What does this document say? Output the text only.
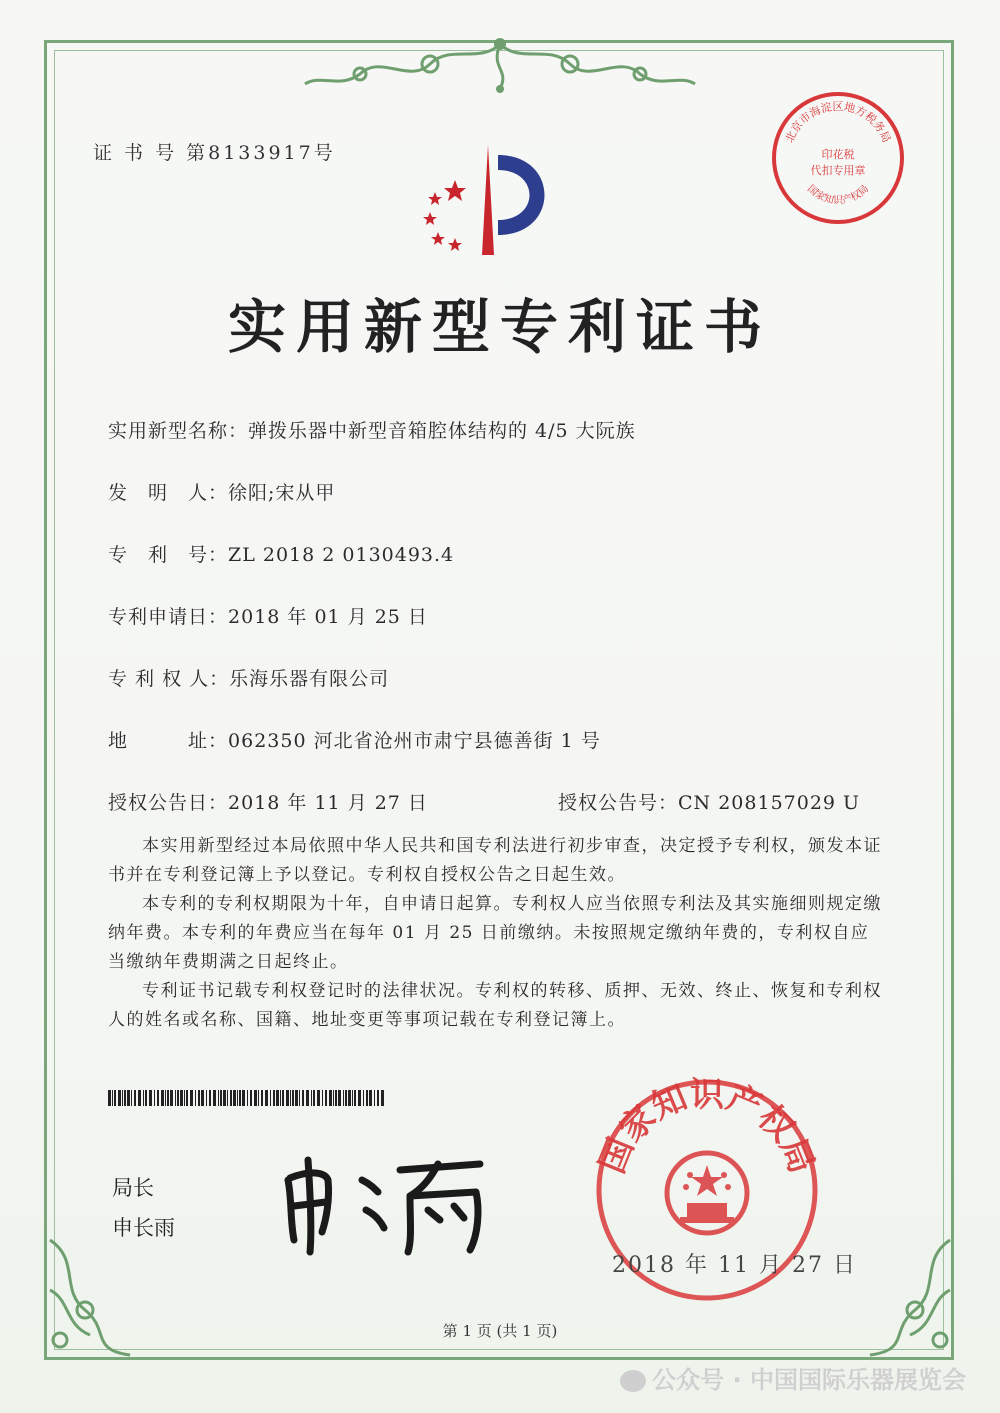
证 书 号 第8133917号
北京市海淀区地方税务局
印花税
代扣专用章
国家知识产权局
实用新型专利证书
实用新型名称：弹拨乐器中新型音箱腔体结构的 4/5 大阮族
发　明　人：徐阳;宋从甲
专　利　号：ZL 2018 2 0130493.4
专利申请日：2018 年 01 月 25 日
专 利 权 人：乐海乐器有限公司
地　　　址：062350 河北省沧州市肃宁县德善街 1 号
授权公告日：2018 年 11 月 27 日	授权公告号：CN 208157029 U

本实用新型经过本局依照中华人民共和国专利法进行初步审查，决定授予专利权，颁发本证书并在专利登记簿上予以登记。专利权自授权公告之日起生效。

本专利的专利权期限为十年，自申请日起算。专利权人应当依照专利法及其实施细则规定缴纳年费。本专利的年费应当在每年 01 月 25 日前缴纳。未按照规定缴纳年费的，专利权自应当缴纳年费期满之日起终止。

专利证书记载专利权登记时的法律状况。专利权的转移、质押、无效、终止、恢复和专利权人的姓名或名称、国籍、地址变更等事项记载在专利登记簿上。

局长
申长雨
国家知识产权局
2018 年 11 月 27 日
第 1 页 (共 1 页)
公众号 · 中国国际乐器展览会
